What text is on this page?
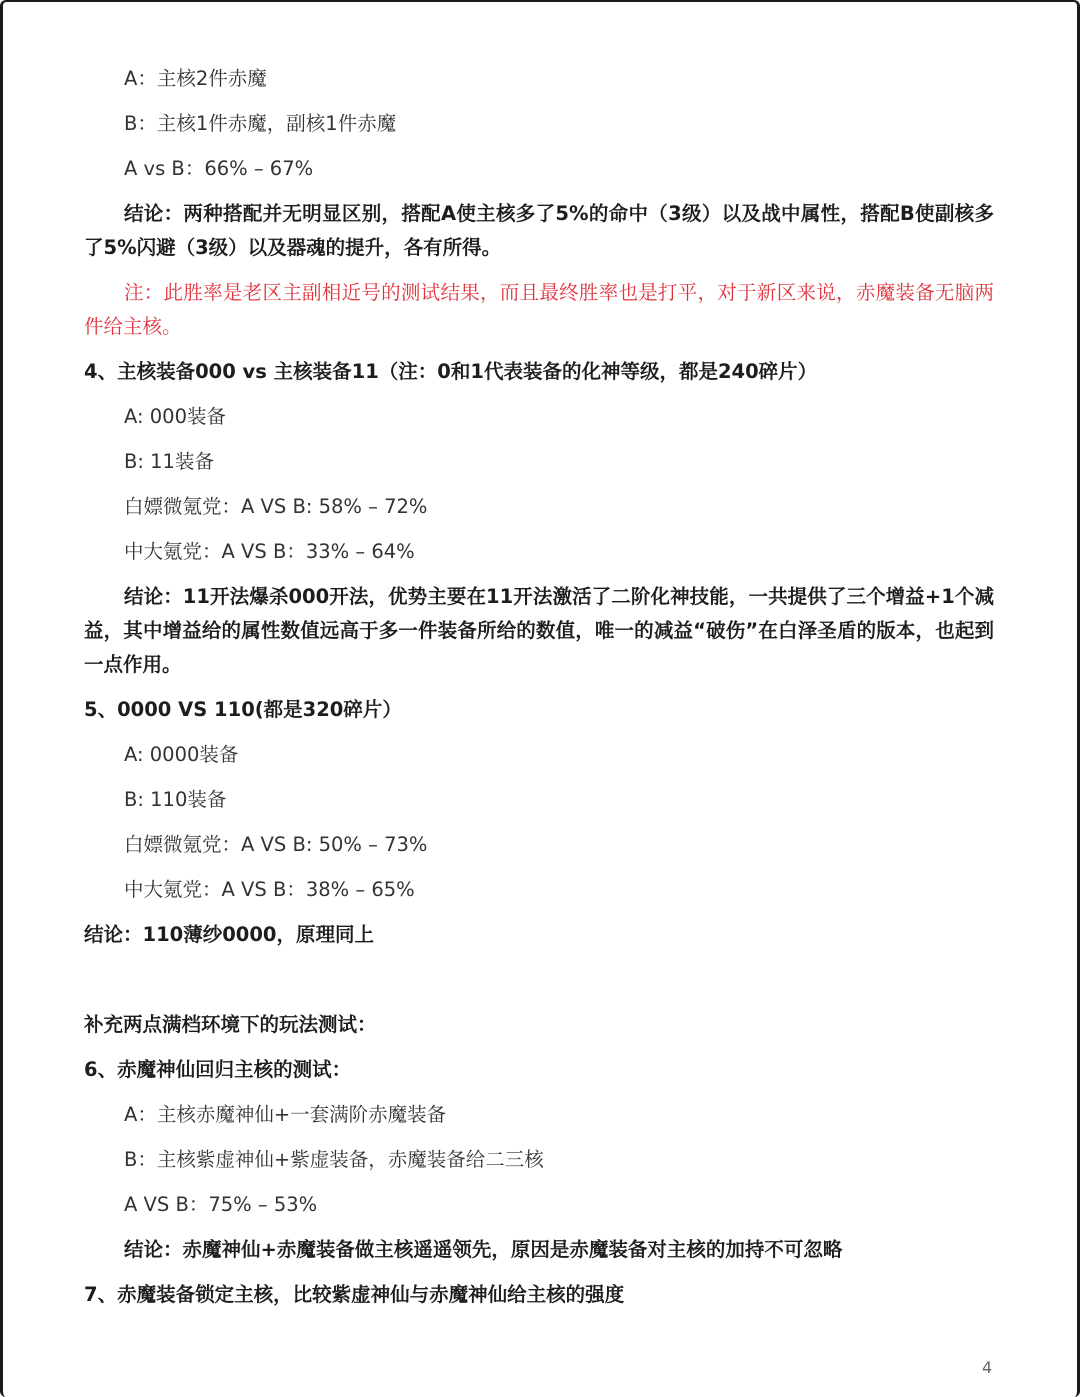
A：主核2件赤魔

B：主核1件赤魔，副核1件赤魔

A vs B：66% – 67%

结论：两种搭配并无明显区别，搭配A使主核多了5%的命中（3级）以及战中属性，搭配B使副核多了5%闪避（3级）以及器魂的提升，各有所得。

注：此胜率是老区主副相近号的测试结果，而且最终胜率也是打平，对于新区来说，赤魔装备无脑两件给主核。

4、主核装备000 vs 主核装备11（注：0和1代表装备的化神等级，都是240碎片）

A: 000装备

B: 11装备

白嫖微氪党：A VS B: 58% – 72%

中大氪党：A VS B：33% – 64%

结论：11开法爆杀000开法，优势主要在11开法激活了二阶化神技能，一共提供了三个增益+1个减益，其中增益给的属性数值远高于多一件装备所给的数值，唯一的减益“破伤”在白泽圣盾的版本，也起到一点作用。

5、0000 VS 110(都是320碎片）

A: 0000装备

B: 110装备

白嫖微氪党：A VS B: 50% – 73%

中大氪党：A VS B：38% – 65%

结论：110薄纱0000，原理同上

补充两点满档环境下的玩法测试：

6、赤魔神仙回归主核的测试：

A：主核赤魔神仙+一套满阶赤魔装备

B：主核紫虚神仙+紫虚装备，赤魔装备给二三核

A VS B：75% – 53%

结论：赤魔神仙+赤魔装备做主核遥遥领先，原因是赤魔装备对主核的加持不可忽略

7、赤魔装备锁定主核，比较紫虚神仙与赤魔神仙给主核的强度

4
